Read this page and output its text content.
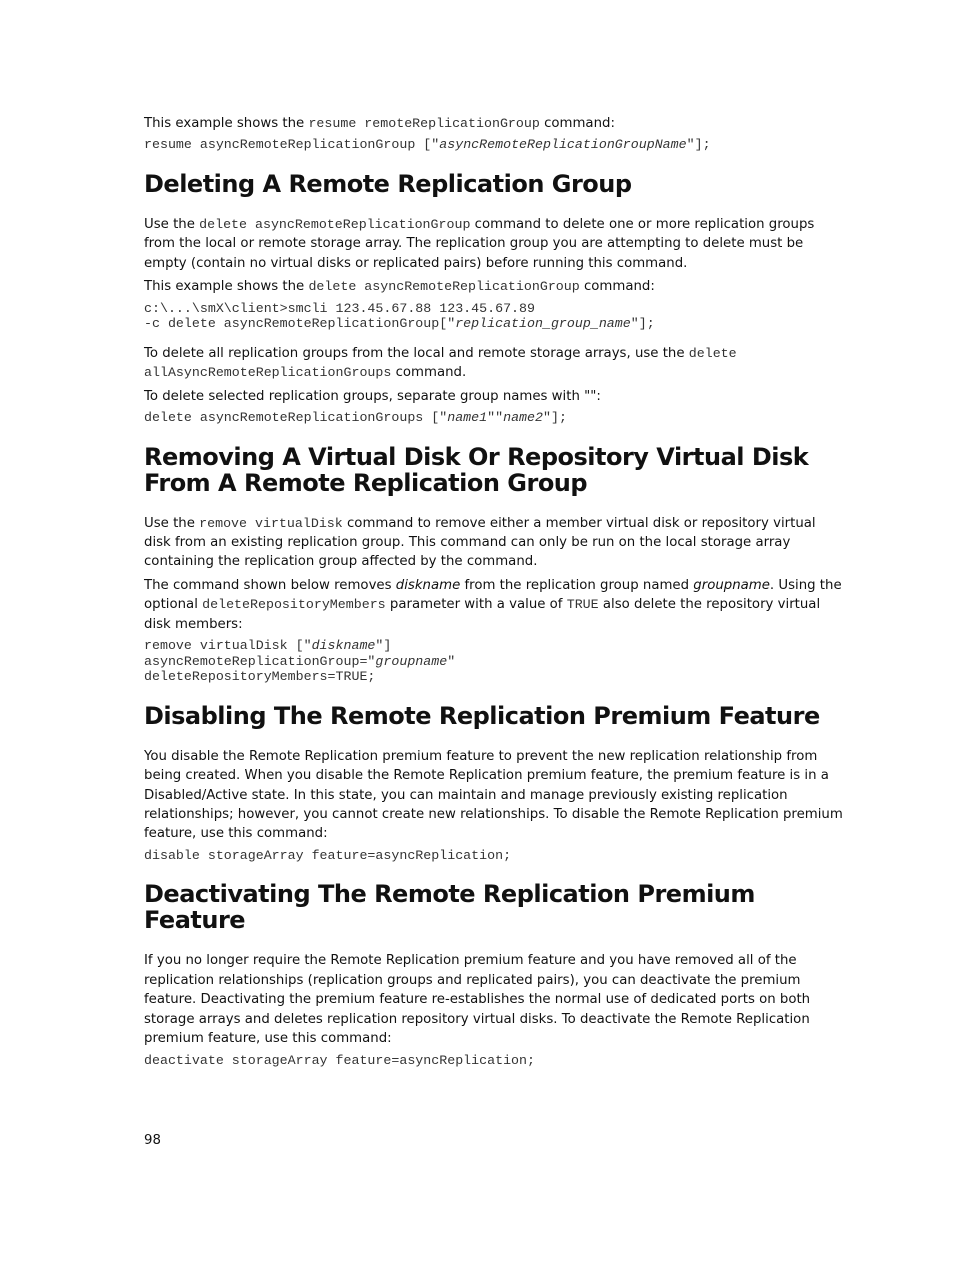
This example shows the resume remoteReplicationGroup command:

resume asyncRemoteReplicationGroup ["asyncRemoteReplicationGroupName"];
Deleting A Remote Replication Group

Use the delete asyncRemoteReplicationGroup command to delete one or more replication groups from the local or remote storage array. The replication group you are attempting to delete must be empty (contain no virtual disks or replicated pairs) before running this command.

This example shows the delete asyncRemoteReplicationGroup command:

c:\...\smX\client>smcli 123.45.67.88 123.45.67.89
-c delete asyncRemoteReplicationGroup["replication_group_name"];

To delete all replication groups from the local and remote storage arrays, use the delete allAsyncRemoteReplicationGroups command.

To delete selected replication groups, separate group names with "":

delete asyncRemoteReplicationGroups ["name1""name2"];
Removing A Virtual Disk Or Repository Virtual Disk From A Remote Replication Group

Use the remove virtualDisk command to remove either a member virtual disk or repository virtual disk from an existing replication group. This command can only be run on the local storage array containing the replication group affected by the command.

The command shown below removes diskname from the replication group named groupname. Using the optional deleteRepositoryMembers parameter with a value of TRUE also delete the repository virtual disk members:

remove virtualDisk ["diskname"]
asyncRemoteReplicationGroup="groupname"
deleteRepositoryMembers=TRUE;
Disabling The Remote Replication Premium Feature

You disable the Remote Replication premium feature to prevent the new replication relationship from being created. When you disable the Remote Replication premium feature, the premium feature is in a Disabled/Active state. In this state, you can maintain and manage previously existing replication relationships; however, you cannot create new relationships. To disable the Remote Replication premium feature, use this command:

disable storageArray feature=asyncReplication;
Deactivating The Remote Replication Premium Feature

If you no longer require the Remote Replication premium feature and you have removed all of the replication relationships (replication groups and replicated pairs), you can deactivate the premium feature. Deactivating the premium feature re-establishes the normal use of dedicated ports on both storage arrays and deletes replication repository virtual disks. To deactivate the Remote Replication premium feature, use this command:

deactivate storageArray feature=asyncReplication;
98
